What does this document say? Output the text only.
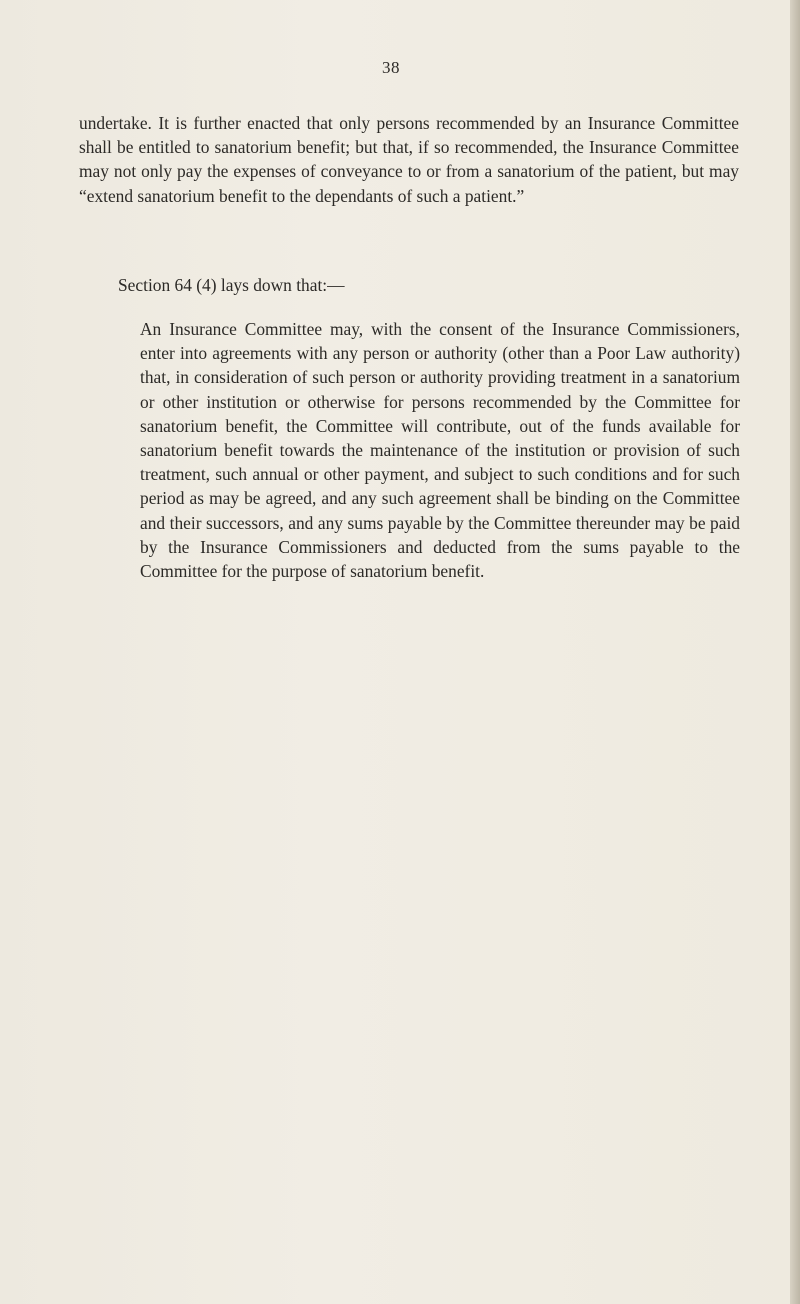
38

undertake. It is further enacted that only persons recommended by an Insurance Committee shall be entitled to sanatorium benefit; but that, if so recommended, the Insurance Committee may not only pay the expenses of conveyance to or from a sanatorium of the patient, but may “extend sanatorium benefit to the dependants of such a patient.”

Section 64 (4) lays down that:—

An Insurance Committee may, with the consent of the Insurance Commissioners, enter into agreements with any person or authority (other than a Poor Law authority) that, in consideration of such person or authority providing treatment in a sanatorium or other institution or otherwise for persons recommended by the Committee for sanatorium benefit, the Committee will contribute, out of the funds available for sanatorium benefit towards the maintenance of the institution or provision of such treatment, such annual or other payment, and subject to such conditions and for such period as may be agreed, and any such agreement shall be binding on the Committee and their successors, and any sums payable by the Committee thereunder may be paid by the Insurance Commissioners and deducted from the sums payable to the Committee for the purpose of sanatorium benefit.
